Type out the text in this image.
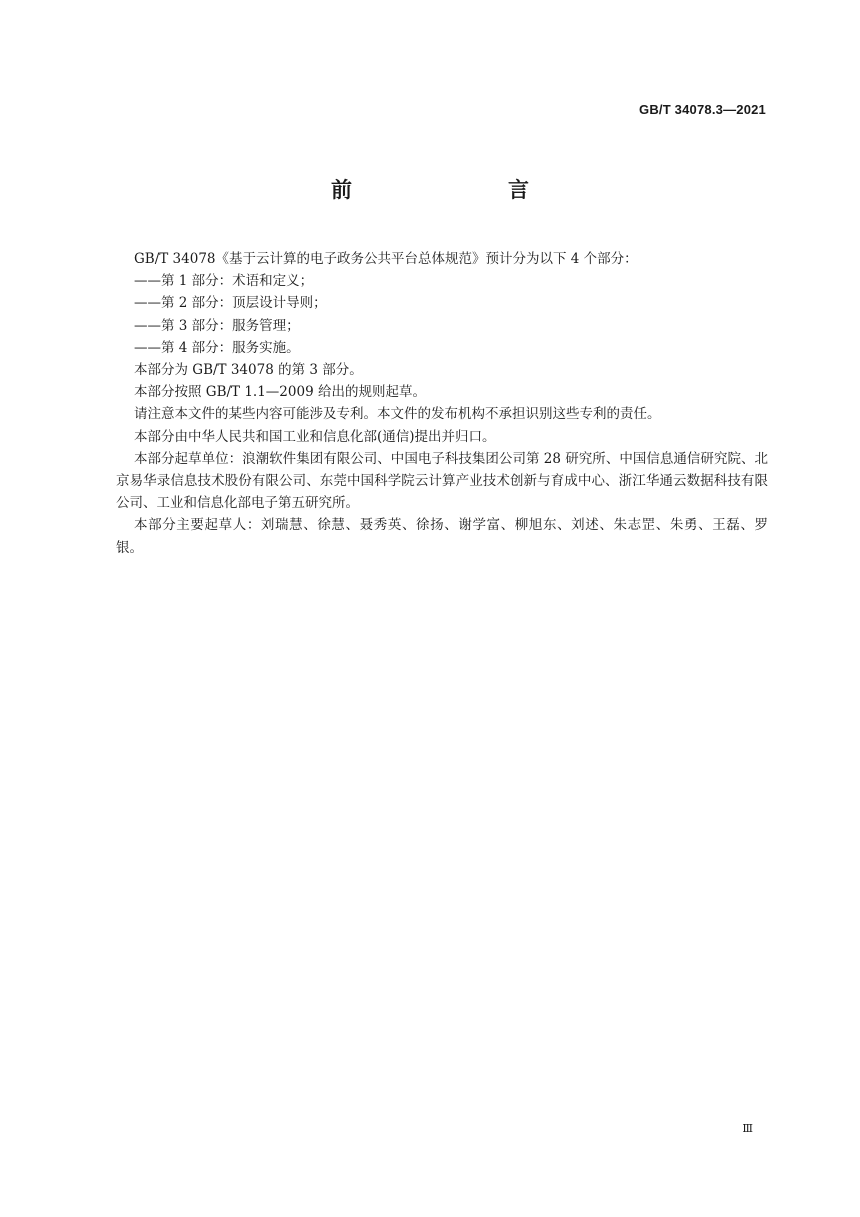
GB/T 34078.3—2021
前　　言

GB/T 34078《基于云计算的电子政务公共平台总体规范》预计分为以下 4 个部分：

——第 1 部分：术语和定义；

——第 2 部分：顶层设计导则；

——第 3 部分：服务管理；

——第 4 部分：服务实施。

本部分为 GB/T 34078 的第 3 部分。

本部分按照 GB/T 1.1—2009 给出的规则起草。

请注意本文件的某些内容可能涉及专利。本文件的发布机构不承担识别这些专利的责任。

本部分由中华人民共和国工业和信息化部(通信)提出并归口。

本部分起草单位：浪潮软件集团有限公司、中国电子科技集团公司第 28 研究所、中国信息通信研究院、北京易华录信息技术股份有限公司、东莞中国科学院云计算产业技术创新与育成中心、浙江华通云数据科技有限公司、工业和信息化部电子第五研究所。

本部分主要起草人：刘瑞慧、徐慧、聂秀英、徐扬、谢学富、柳旭东、刘述、朱志罡、朱勇、王磊、罗银。

Ⅲ
